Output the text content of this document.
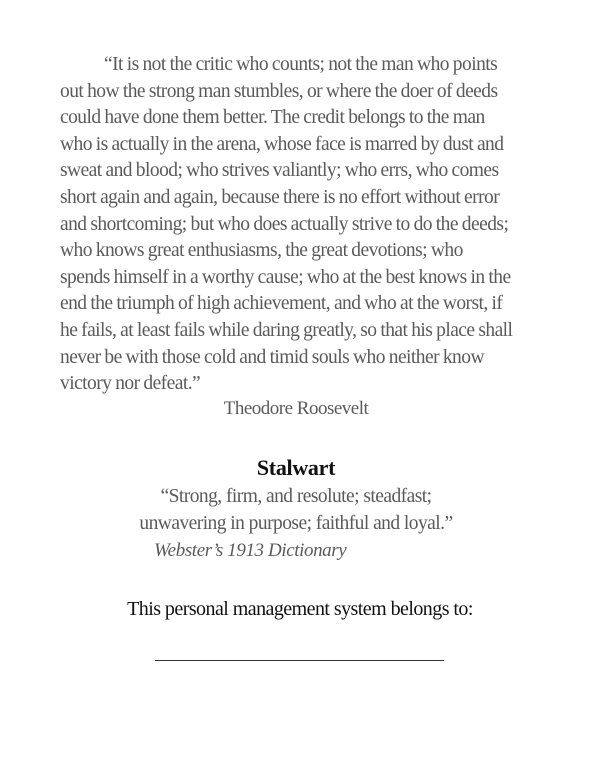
“It is not the critic who counts; not the man who points
out how the strong man stumbles, or where the doer of deeds
could have done them better. The credit belongs to the man
who is actually in the arena, whose face is marred by dust and
sweat and blood; who strives valiantly; who errs, who comes
short again and again, because there is no effort without error
and shortcoming; but who does actually strive to do the deeds;
who knows great enthusiasms, the great devotions; who
spends himself in a worthy cause; who at the best knows in the
end the triumph of high achievement, and who at the worst, if
he fails, at least fails while daring greatly, so that his place shall
never be with those cold and timid souls who neither know
victory nor defeat.”
Theodore Roosevelt
Stalwart
“Strong, firm, and resolute; steadfast;
unwavering in purpose; faithful and loyal.”
Webster’s 1913 Dictionary
This personal management system belongs to:
